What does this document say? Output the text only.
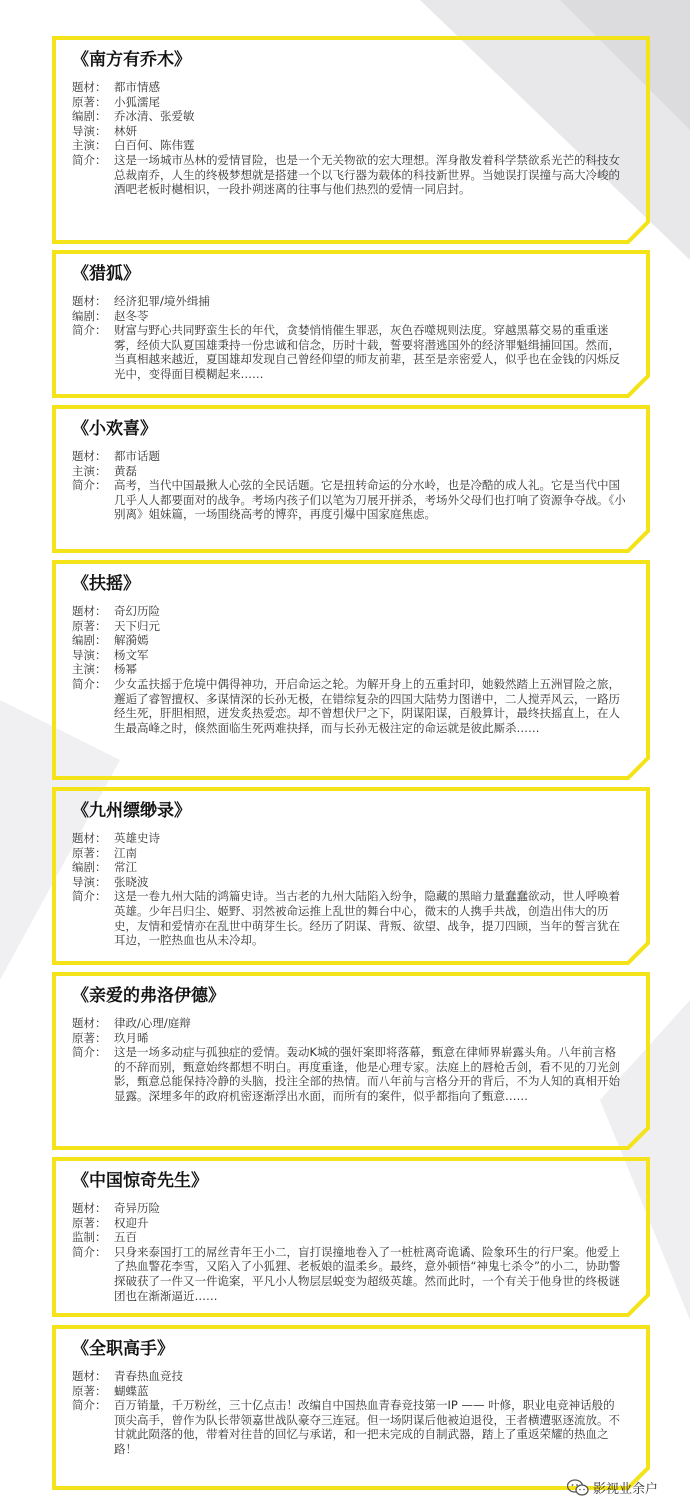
《南方有乔木》
题材： 都市情感
原著： 小狐濡尾
编剧： 乔冰清、张爱敏
导演： 林妍
主演： 白百何、陈伟霆
简介： 这是一场城市丛林的爱情冒险，也是一个无关物欲的宏大理想。浑身散发着科学禁欲系光芒的科技女总裁南乔，人生的终极梦想就是搭建一个以飞行器为载体的科技新世界。当她误打误撞与高大冷峻的酒吧老板时樾相识，一段扑朔迷离的往事与他们热烈的爱情一同启封。
《猎狐》
题材： 经济犯罪/境外缉捕
编剧： 赵冬苓
简介： 财富与野心共同野蛮生长的年代，贪婪悄悄催生罪恶，灰色吞噬规则法度。穿越黑幕交易的重重迷雾，经侦大队夏国雄秉持一份忠诚和信念，历时十载，誓要将潜逃国外的经济罪魁缉捕回国。然而，当真相越来越近，夏国雄却发现自己曾经仰望的师友前辈，甚至是亲密爱人，似乎也在金钱的闪烁反光中，变得面目模糊起来……
《小欢喜》
题材： 都市话题
主演： 黄磊
简介： 高考，当代中国最揪人心弦的全民话题。它是扭转命运的分水岭，也是冷酷的成人礼。它是当代中国几乎人人都要面对的战争。考场内孩子们以笔为刀展开拼杀，考场外父母们也打响了资源争夺战。《小别离》姐妹篇，一场围绕高考的博弈，再度引爆中国家庭焦虑。
《扶摇》
题材： 奇幻历险
原著： 天下归元
编剧： 解漪嫣
导演： 杨文军
主演： 杨幂
简介： 少女孟扶摇于危境中偶得神功，开启命运之轮。为解开身上的五重封印，她毅然踏上五洲冒险之旅，邂逅了睿智擅权、多谋情深的长孙无极，在错综复杂的四国大陆势力图谱中，二人搅弄风云，一路历经生死，肝胆相照，迸发炙热爱恋。却不曾想伏尸之下，阴谋阳谋，百般算计，最终扶摇直上，在人生最高峰之时，倏然面临生死两难抉择，而与长孙无极注定的命运就是彼此厮杀……
《九州缥缈录》
题材： 英雄史诗
原著： 江南
编剧： 常江
导演： 张晓波
简介： 这是一卷九州大陆的鸿篇史诗。当古老的九州大陆陷入纷争，隐藏的黑暗力量蠢蠢欲动，世人呼唤着英雄。少年吕归尘、姬野、羽然被命运推上乱世的舞台中心，微末的人携手共战，创造出伟大的历史，友情和爱情亦在乱世中萌芽生长。经历了阴谋、背叛、欲望、战争，提刀四顾，当年的誓言犹在耳边，一腔热血也从未冷却。
《亲爱的弗洛伊德》
题材： 律政/心理/庭辩
原著： 玖月晞
简介： 这是一场多动症与孤独症的爱情。轰动K城的强奸案即将落幕，甄意在律师界崭露头角。八年前言格的不辞而别，甄意始终都想不明白。再度重逢，他是心理专家。法庭上的唇枪舌剑，看不见的刀光剑影，甄意总能保持冷静的头脑，投注全部的热情。而八年前与言格分开的背后，不为人知的真相开始显露。深埋多年的政府机密逐渐浮出水面，而所有的案件，似乎都指向了甄意……
《中国惊奇先生》
题材： 奇异历险
原著： 权迎升
监制： 五百
简介： 只身来泰国打工的屌丝青年王小二，盲打误撞地卷入了一桩桩离奇诡谲、险象环生的行尸案。他爱上了热血警花李雪，又陷入了小狐狸、老板娘的温柔乡。最终，意外顿悟“神鬼七杀令”的小二，协助警探破获了一件又一件诡案，平凡小人物层层蜕变为超级英雄。然而此时，一个有关于他身世的终极谜团也在渐渐逼近……
《全职高手》
题材： 青春热血竞技
原著： 蝴蝶蓝
简介： 百万销量，千万粉丝，三十亿点击！改编自中国热血青春竞技第一IP —— 叶修，职业电竞神话般的顶尖高手，曾作为队长带领嘉世战队豪夺三连冠。但一场阴谋后他被迫退役，王者横遭驱逐流放。不甘就此陨落的他，带着对往昔的回忆与承诺，和一把未完成的自制武器，踏上了重返荣耀的热血之路！
影视业余户
